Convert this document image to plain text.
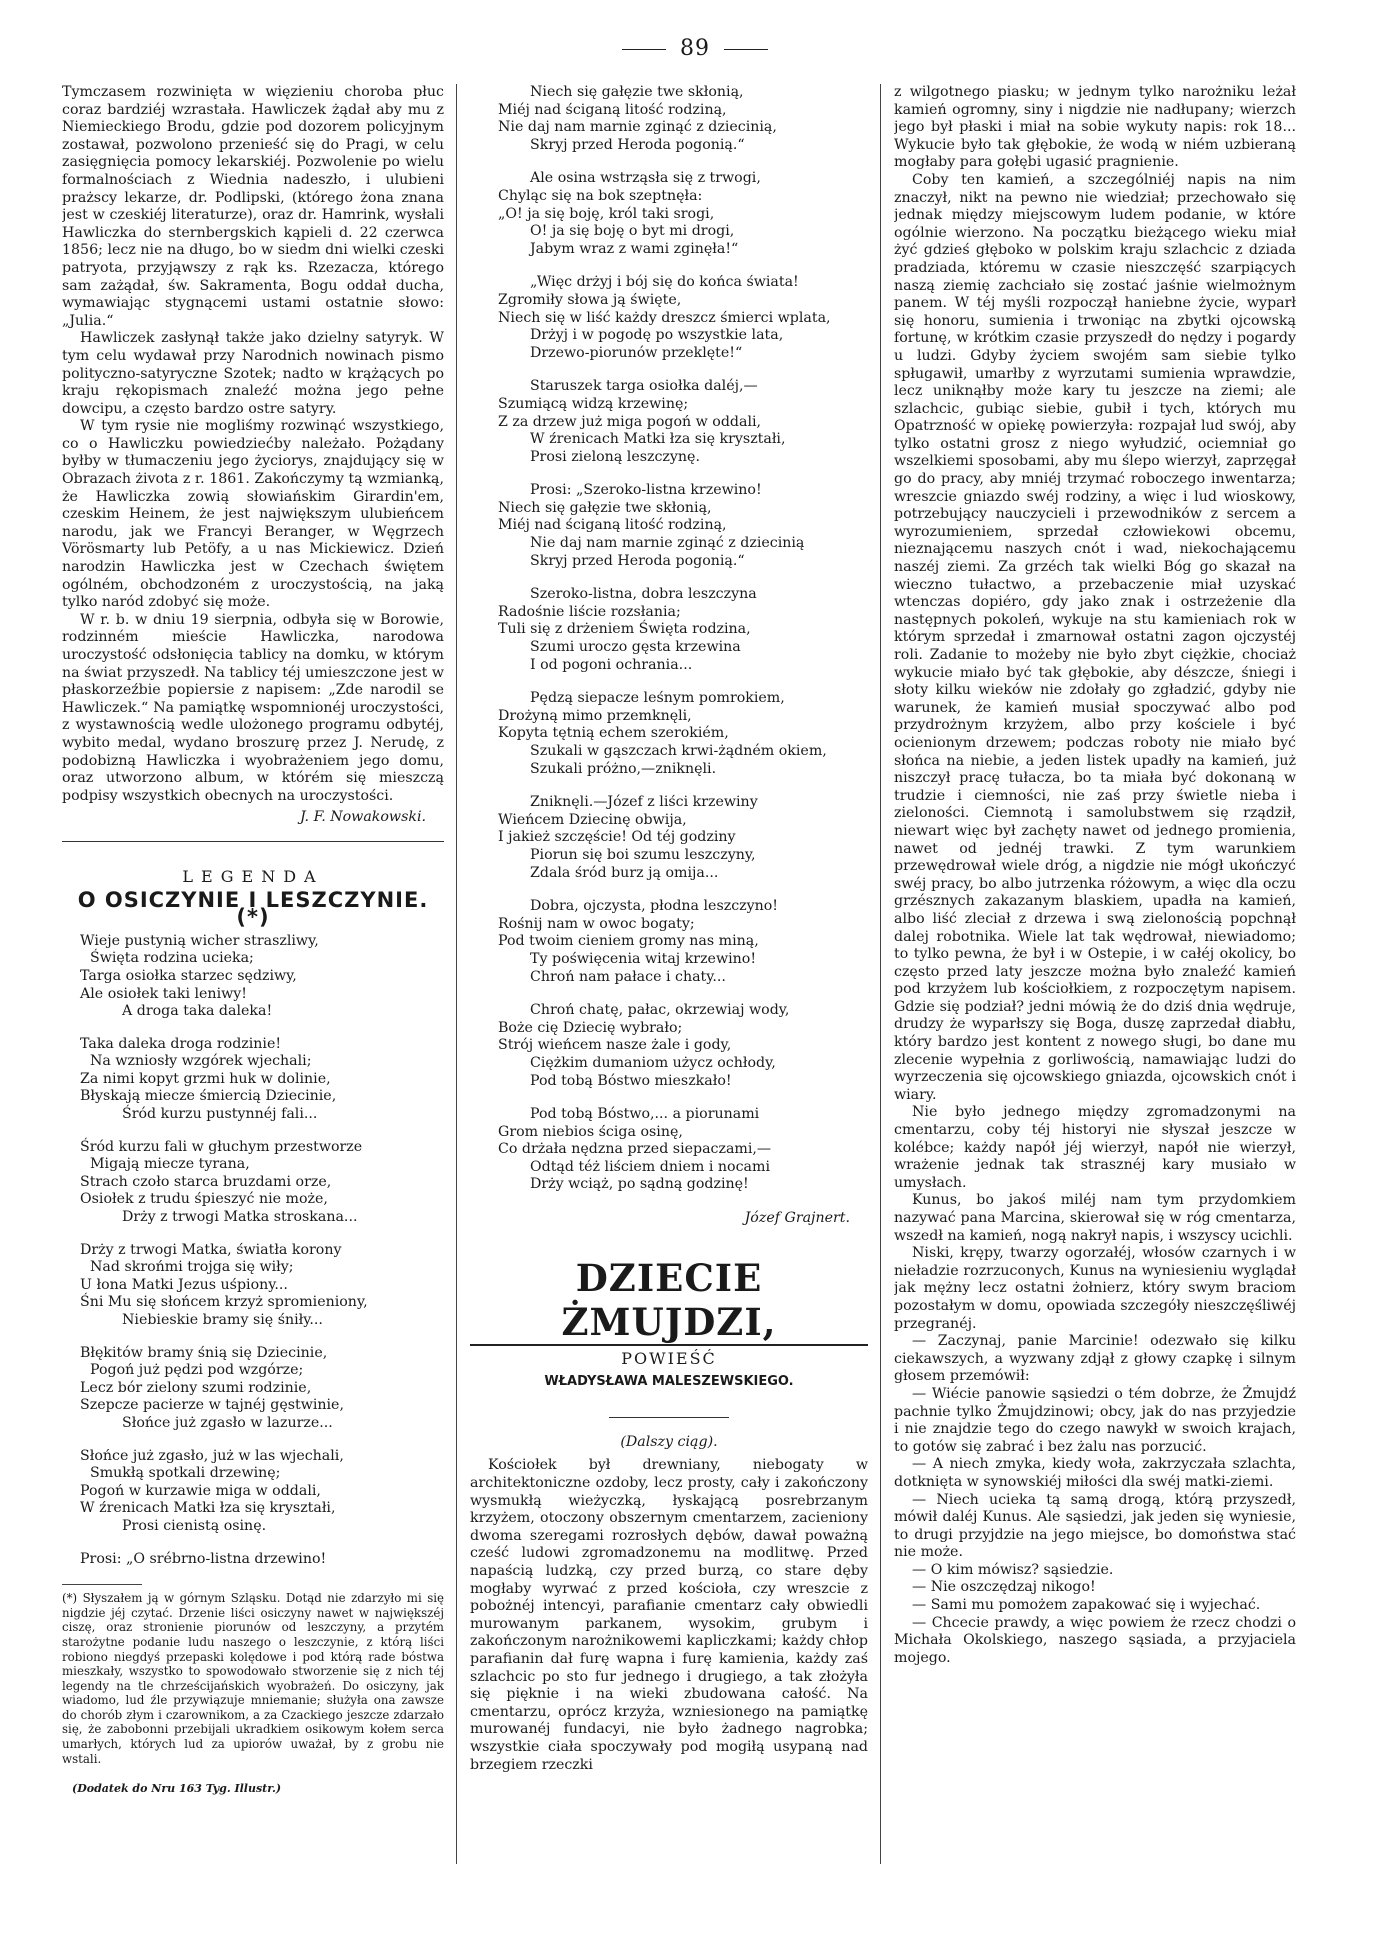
89

Tymczasem rozwinięta w więzieniu choroba płuc coraz bardziéj wzrastała. Hawliczek żądał aby mu z Niemieckiego Brodu, gdzie pod dozorem policyjnym zostawał, pozwolono przenieść się do Pragi, w celu zasięgnięcia pomocy lekarskiéj. Pozwolenie po wielu formalnościach z Wiednia nadeszło, i ulubieni prażscy lekarze, dr. Podlipski, (którego żona znana jest w czeskiéj literaturze), oraz dr. Hamrink, wysłali Hawliczka do sternbergskich kąpieli d. 22 czerwca 1856; lecz nie na długo, bo w siedm dni wielki czeski patryota, przyjąwszy z rąk ks. Rzezacza, którego sam zażądał, św. Sakramenta, Bogu oddał ducha, wymawiając stygnącemi ustami ostatnie słowo: „Julia.“

Hawliczek zasłynął także jako dzielny satyryk. W tym celu wydawał przy Narodnich nowinach pismo polityczno-satyryczne Szotek; nadto w krążących po kraju rękopismach znaleźć można jego pełne dowcipu, a często bardzo ostre satyry.

W tym rysie nie mogliśmy rozwinąć wszystkiego, co o Hawliczku powiedziećby należało. Pożądany byłby w tłumaczeniu jego życiorys, znajdujący się w Obrazach żivota z r. 1861. Zakończymy tą wzmianką, że Hawliczka zowią słowiańskim Girardin'em, czeskim Heinem, że jest największym ulubieńcem narodu, jak we Francyi Beranger, w Węgrzech Vörösmarty lub Petöfy, a u nas Mickiewicz. Dzień narodzin Hawliczka jest w Czechach świętem ogólném, obchodzoném z uroczystością, na jaką tylko naród zdobyć się może.

W r. b. w dniu 19 sierpnia, odbyła się w Borowie, rodzinném mieście Hawliczka, narodowa uroczystość odsłonięcia tablicy na domku, w którym na świat przyszedł. Na tablicy téj umieszczone jest w płaskorzeźbie popiersie z napisem: „Zde narodil se Hawliczek.“ Na pamiątkę wspomnionéj uroczystości, z wystawnością wedle ulożonego programu odbytéj, wybito medal, wydano broszurę przez J. Nerudę, z podobizną Hawliczka i wyobrażeniem jego domu, oraz utworzono album, w którém się mieszczą podpisy wszystkich obecnych na uroczystości.

J. F. Nowakowski.
LEGENDA
O OSICZYNIE I LESZCZYNIE. (*)
Wieje pustynią wicher straszliwy,
Święta rodzina ucieka;
Targa osiołka starzec sędziwy,
Ale osiołek taki leniwy!
A droga taka daleka!
Taka daleka droga rodzinie!
Na wzniosły wzgórek wjechali;
Za nimi kopyt grzmi huk w dolinie,
Błyskają miecze śmiercią Dziecinie,
Śród kurzu pustynnéj fali...
Śród kurzu fali w głuchym przestworze
Migają miecze tyrana,
Strach czoło starca bruzdami orze,
Osiołek z trudu śpieszyć nie może,
Drży z trwogi Matka stroskana...
Drży z trwogi Matka, światła korony
Nad skrońmi trojga się wiły;
U łona Matki Jezus uśpiony...
Śni Mu się słońcem krzyż spromieniony,
Niebieskie bramy się śniły...
Błękitów bramy śnią się Dziecinie,
Pogoń już pędzi pod wzgórze;
Lecz bór zielony szumi rodzinie,
Szepcze pacierze w tajnéj gęstwinie,
Słońce już zgasło w lazurze...
Słońce już zgasło, już w las wjechali,
Smukłą spotkali drzewinę;
Pogoń w kurzawie miga w oddali,
W źrenicach Matki łza się kryształi,
Prosi cienistą osinę.
Prosi: „O srébrno-listna drzewino!
(*) Słyszałem ją w górnym Szląsku. Dotąd nie zdarzyło mi się nigdzie jéj czytać. Drzenie liści osiczyny nawet w największéj ciszę, oraz stronienie piorunów od leszczyny, a przytém starożytne podanie ludu naszego o leszczynie, z którą liści robiono niegdyś przepaski kolędowe i pod którą rade bóstwa mieszkały, wszystko to spowodowało stworzenie się z nich téj legendy na tle chrześcijańskich wyobrażeń. Do osiczyny, jak wiadomo, lud źle przywiązuje mniemanie; służyła ona zawsze do chorób złym i czarownikom, a za Czackiego jeszcze zdarzało się, że zabobonni przebijali ukradkiem osikowym kołem serca umarłych, których lud za upiorów uważał, by z grobu nie wstali.
(Dodatek do Nru 163 Tyg. Illustr.)
Niech się gałęzie twe skłonią,
Miéj nad ściganą litość rodziną,
Nie daj nam marnie zginąć z dziecinią,
Skryj przed Heroda pogonią.“
Ale osina wstrząsła się z trwogi,
Chyląc się na bok szeptnęła:
„O! ja się boję, król taki srogi,
O! ja się boję o byt mi drogi,
Jabym wraz z wami zginęła!“
„Więc drżyj i bój się do końca świata!
Zgromiły słowa ją święte,
Niech się w liść każdy dreszcz śmierci wplata,
Drżyj i w pogodę po wszystkie lata,
Drzewo-piorunów przeklęte!“
Staruszek targa osiołka daléj,—
Szumiącą widzą krzewinę;
Z za drzew już miga pogoń w oddali,
W źrenicach Matki łza się kryształi,
Prosi zieloną leszczynę.
Prosi: „Szeroko-listna krzewino!
Niech się gałęzie twe skłonią,
Miéj nad ściganą litość rodziną,
Nie daj nam marnie zginąć z dziecinią
Skryj przed Heroda pogonią.“
Szeroko-listna, dobra leszczyna
Radośnie liście rozsłania;
Tuli się z drżeniem Święta rodzina,
Szumi uroczo gęsta krzewina
I od pogoni ochrania...
Pędzą siepacze leśnym pomrokiem,
Drożyną mimo przemknęli,
Kopyta tętnią echem szerokiém,
Szukali w gąszczach krwi-żądném okiem,
Szukali próżno,—zniknęli.
Zniknęli.—Józef z liści krzewiny
Wieńcem Dziecinę obwija,
I jakież szczęście! Od téj godziny
Piorun się boi szumu leszczyny,
Zdala śród burz ją omija...
Dobra, ojczysta, płodna leszczyno!
Rośnij nam w owoc bogaty;
Pod twoim cieniem gromy nas miną,
Ty poświęcenia witaj krzewino!
Chroń nam pałace i chaty...
Chroń chatę, pałac, okrzewiaj wody,
Boże cię Dziecię wybrało;
Strój wieńcem nasze żale i gody,
Ciężkim dumaniom użycz ochłody,
Pod tobą Bóstwo mieszkało!
Pod tobą Bóstwo,... a piorunami
Grom niebios ściga osinę,
Co drżała nędzna przed siepaczami,—
Odtąd téż liściem dniem i nocami
Drży wciąż, po sądną godzinę!
Józef Grajnert.
DZIECIE ŻMUJDZI,
POWIEŚĆ
WŁADYSŁAWA MALESZEWSKIEGO.
(Dalszy ciąg).

Kościołek był drewniany, niebogaty w architektoniczne ozdoby, lecz prosty, cały i zakończony wysmukłą wieżyczką, łyskającą posrebrzanym krzyżem, otoczony obszernym cmentarzem, zacieniony dwoma szeregami rozrosłych dębów, dawał poważną cześć ludowi zgromadzonemu na modlitwę. Przed napaścią ludzką, czy przed burzą, co stare dęby mogłaby wyrwać z przed kościoła, czy wreszcie z pobożnéj intencyi, parafianie cmentarz cały obwiedli murowanym parkanem, wysokim, grubym i zakończonym narożnikowemi kapliczkami; każdy chłop parafianin dał furę wapna i furę kamienia, każdy zaś szlachcic po sto fur jednego i drugiego, a tak złożyła się pięknie i na wieki zbudowana całość. Na cmentarzu, oprócz krzyża, wzniesionego na pamiątkę murowanéj fundacyi, nie było żadnego nagrobka; wszystkie ciała spoczywały pod mogiłą usypaną nad brzegiem rzeczki

z wilgotnego piasku; w jednym tylko narożniku leżał kamień ogromny, siny i nigdzie nie nadłupany; wierzch jego był płaski i miał na sobie wykuty napis: rok 18... Wykucie było tak głębokie, że wodą w niém uzbieraną mogłaby para gołębi ugasić pragnienie.

Coby ten kamień, a szczególniéj napis na nim znaczył, nikt na pewno nie wiedział; przechowało się jednak między miejscowym ludem podanie, w które ogólnie wierzono. Na początku bieżącego wieku miał żyć gdzieś głęboko w polskim kraju szlachcic z dziada pradziada, któremu w czasie nieszczęść szarpiących naszą ziemię zachciało się zostać jaśnie wielmożnym panem. W téj myśli rozpoczął haniebne życie, wyparł się honoru, sumienia i trwoniąc na zbytki ojcowską fortunę, w krótkim czasie przyszedł do nędzy i pogardy u ludzi. Gdyby życiem swojém sam siebie tylko spługawił, umarłby z wyrzutami sumienia wprawdzie, lecz uniknąłby może kary tu jeszcze na ziemi; ale szlachcic, gubiąc siebie, gubił i tych, których mu Opatrzność w opiekę powierzyła: rozpajał lud swój, aby tylko ostatni grosz z niego wyłudzić, ociemniał go wszelkiemi sposobami, aby mu ślepo wierzył, zaprzęgał go do pracy, aby mniéj trzymać roboczego inwentarza; wreszcie gniazdo swéj rodziny, a więc i lud wioskowy, potrzebujący nauczycieli i przewodników z sercem a wyrozumieniem, sprzedał człowiekowi obcemu, nieznającemu naszych cnót i wad, niekochającemu naszéj ziemi. Za grzéch tak wielki Bóg go skazał na wieczno tułactwo, a przebaczenie miał uzyskać wtenczas dopiéro, gdy jako znak i ostrzeżenie dla następnych pokoleń, wykuje na stu kamieniach rok w którym sprzedał i zmarnował ostatni zagon ojczystéj roli. Zadanie to możeby nie było zbyt ciężkie, chociaż wykucie miało być tak głębokie, aby dészcze, śniegi i słoty kilku wieków nie zdołały go zgładzić, gdyby nie warunek, że kamień musiał spoczywać albo pod przydrożnym krzyżem, albo przy kościele i być ocienionym drzewem; podczas roboty nie miało być słońca na niebie, a jeden listek upadły na kamień, już niszczył pracę tułacza, bo ta miała być dokonaną w trudzie i ciemności, nie zaś przy świetle nieba i zieloności. Ciemnotą i samolubstwem się rządził, niewart więc był zachęty nawet od jednego promienia, nawet od jednéj trawki. Z tym warunkiem przewędrował wiele dróg, a nigdzie nie mógł ukończyć swéj pracy, bo albo jutrzenka różowym, a więc dla oczu grzésznych zakazanym blaskiem, upadła na kamień, albo liść zleciał z drzewa i swą zielonością popchnął dalej robotnika. Wiele lat tak wędrował, niewiadomo; to tylko pewna, że był i w Ostepie, i w całéj okolicy, bo często przed laty jeszcze można było znaleźć kamień pod krzyżem lub kościołkiem, z rozpoczętym napisem. Gdzie się podział? jedni mówią że do dziś dnia wędruje, drudzy że wyparłszy się Boga, duszę zaprzedał diabłu, który bardzo jest kontent z nowego sługi, bo dane mu zlecenie wypełnia z gorliwością, namawiając ludzi do wyrzeczenia się ojcowskiego gniazda, ojcowskich cnót i wiary.

Nie było jednego między zgromadzonymi na cmentarzu, coby téj historyi nie słyszał jeszcze w kolébce; każdy napół jéj wierzył, napół nie wierzył, wrażenie jednak tak strasznéj kary musiało w umysłach.

Kunus, bo jakoś miléj nam tym przydomkiem nazywać pana Marcina, skierował się w róg cmentarza, wszedł na kamień, nogą nakrył napis, i wszyscy ucichli.

Niski, krępy, twarzy ogorzałéj, włosów czarnych i w nieładzie rozrzuconych, Kunus na wyniesieniu wyglądał jak mężny lecz ostatni żołnierz, który swym braciom pozostałym w domu, opowiada szczegóły nieszczęśliwéj przegranéj.

— Zaczynaj, panie Marcinie! odezwało się kilku ciekawszych, a wyzwany zdjął z głowy czapkę i silnym głosem przemówił:

— Wiécie panowie sąsiedzi o tém dobrze, że Żmujdź pachnie tylko Żmujdzinowi; obcy, jak do nas przyjedzie i nie znajdzie tego do czego nawykł w swoich krajach, to gotów się zabrać i bez żalu nas porzucić.

— A niech zmyka, kiedy woła, zakrzyczała szlachta, dotknięta w synowskiéj miłości dla swéj matki-ziemi.

— Niech ucieka tą samą drogą, którą przyszedł, mówił daléj Kunus. Ale sąsiedzi, jak jeden się wyniesie, to drugi przyjdzie na jego miejsce, bo domoństwa stać nie może.

— O kim mówisz? sąsiedzie.

— Nie oszczędzaj nikogo!

— Sami mu pomożem zapakować się i wyjechać.

— Chcecie prawdy, a więc powiem że rzecz chodzi o Michała Okolskiego, naszego sąsiada, a przyjaciela mojego.
